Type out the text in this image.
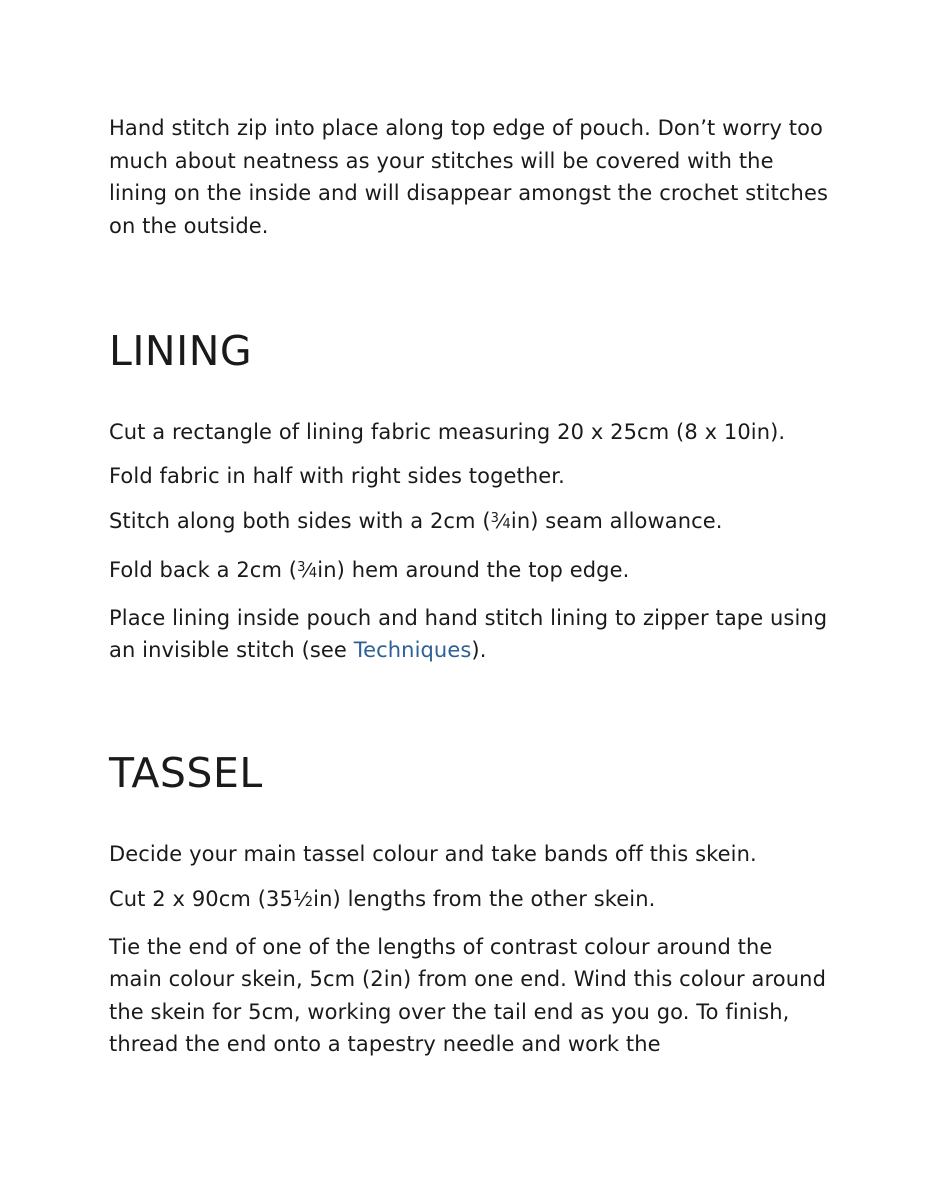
Hand stitch zip into place along top edge of pouch. Don’t worry too much about neatness as your stitches will be covered with the lining on the inside and will disappear amongst the crochet stitches on the outside.

LINING

Cut a rectangle of lining fabric measuring 20 x 25cm (8 x 10in).

Fold fabric in half with right sides together.

Stitch along both sides with a 2cm ($^3$⁄4in) seam allowance.

Fold back a 2cm ($^3$⁄4in) hem around the top edge.

Place lining inside pouch and hand stitch lining to zipper tape using an invisible stitch (see Techniques).

TASSEL

Decide your main tassel colour and take bands off this skein.

Cut 2 x 90cm $(35^1⁄2in)$ lengths from the other skein.

Tie the end of one of the lengths of contrast colour around the main colour skein, 5cm (2in) from one end. Wind this colour around the skein for 5cm, working over the tail end as you go. To finish, thread the end onto a tapestry needle and work the
